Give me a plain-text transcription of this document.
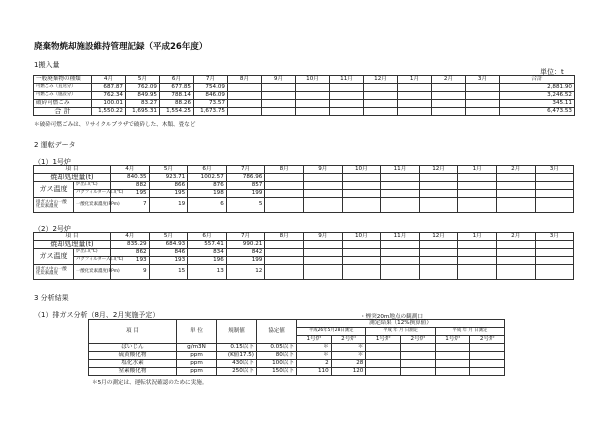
廃棄物焼却施設維持管理記録（平成26年度）
1搬入量
単位：t
一般廃棄物の種類	4月	5月	6月	7月	8月	9月	10月	11月	12月	1月	2月	3月	合計
可燃ごみ（直送分）	687.87	762.09	677.85	754.09									2,881.90
可燃ごみ（施設分）	762.34	849.95	788.14	846.09									3,246.52
破砕可燃ごみ	100.01	83.27	88.26	73.57									345.11
合 計	1,550.22	1,695.31	1,554.25	1,673.75									6,473.53
＊破砕可燃ごみは、リサイクルプラザで破砕した、木類、畳など
2 運転データ
（1）1号炉
項 目		4月	5月	6月	7月	8月	9月	10月	11月	12月	1月	2月	3月
焼却処理量(t)		840.35	923.71	1002.57	786.96								
ガス温度	炉出口(℃)	882	866	876	857								
	バグフィルター入口(℃)	195	195	198	199								
排ガス中の一酸化炭素濃度	一酸化炭素濃度(PPm)	7	19	6	5								
（2）2号炉
項 目		4月	5月	6月	7月	8月	9月	10月	11月	12月	1月	2月	3月
焼却処理量(t)		835.29	684.93	557.41	990.21								
ガス温度	炉出口(℃)	862	846	834	842								
	バグフィルター入口(℃)	193	193	196	199								
排ガス中の一酸化炭素濃度	一酸化炭素濃度(PPm)	9	15	13	12								
3 分析結果
（1）排ガス分析（8月、2月実施予定）	・煙突20m地点の観測口
項 目	単 位	規制値	協定値	測定結果（12%換算値）					
				平成26年5月28日測定		平成 年 月 日測定		平成 年 月 日測定	
				1号炉	2号炉	1号炉	2号炉	1号炉	2号炉
ばいじん	g/m3N	0.15以下	0.05以下	＊	＊				
硫黄酸化物	ppm	(K値17.5)	80以下	＊	＊				
塩化水素	ppm	430以下	100以下	2	28				
窒素酸化物	ppm	250以下	150以下	110	120				
＊5月の測定は、運転状況確認のために実施。
